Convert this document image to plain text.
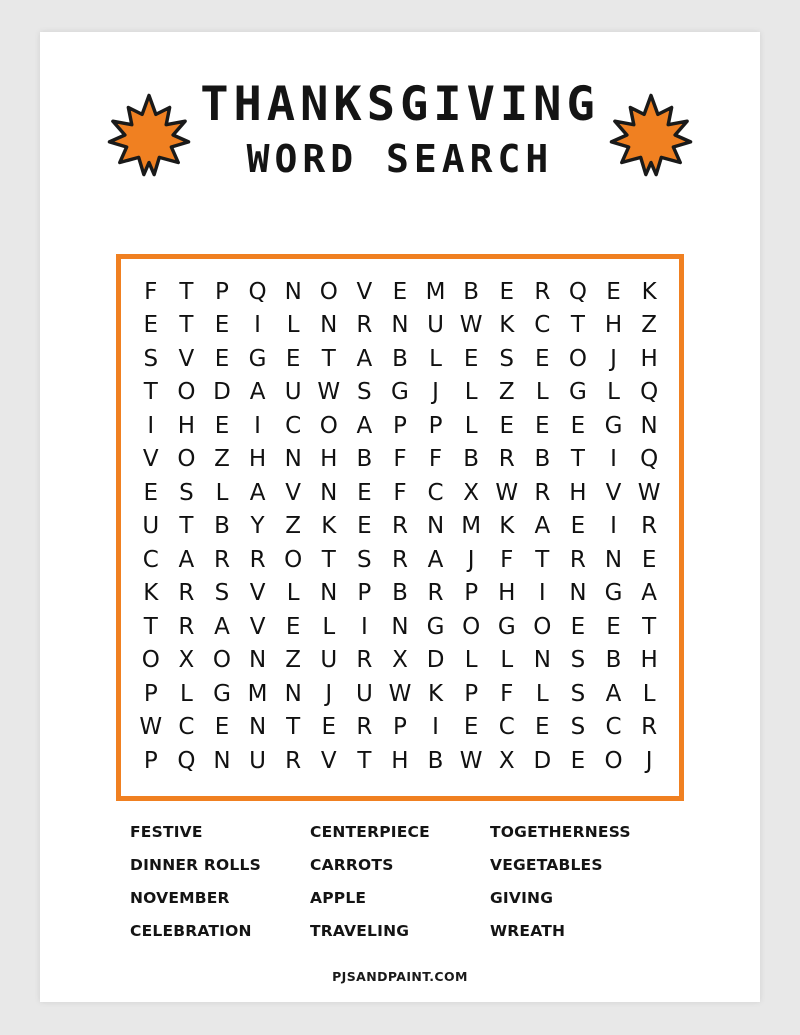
THANKSGIVING
WORD SEARCH
F	T	P	Q	N	O	V	E	M	B	E	R	Q	E	K
E	T	E	I	L	N	R	N	U	W	K	C	T	H	Z
S	V	E	G	E	T	A	B	L	E	S	E	O	J	H
T	O	D	A	U	W	S	G	J	L	Z	L	G	L	Q
I	H	E	I	C	O	A	P	P	L	E	E	E	G	N
V	O	Z	H	N	H	B	F	F	B	R	B	T	I	Q
E	S	L	A	V	N	E	F	C	X	W	R	H	V	W
U	T	B	Y	Z	K	E	R	N	M	K	A	E	I	R
C	A	R	R	O	T	S	R	A	J	F	T	R	N	E
K	R	S	V	L	N	P	B	R	P	H	I	N	G	A
T	R	A	V	E	L	I	N	G	O	G	O	E	E	T
O	X	O	N	Z	U	R	X	D	L	L	N	S	B	H
P	L	G	M	N	J	U	W	K	P	F	L	S	A	L
W	C	E	N	T	E	R	P	I	E	C	E	S	C	R
P	Q	N	U	R	V	T	H	B	W	X	D	E	O	J
FESTIVE
DINNER ROLLS
NOVEMBER
CELEBRATION
CENTERPIECE
CARROTS
APPLE
TRAVELING
TOGETHERNESS
VEGETABLES
GIVING
WREATH
PJSANDPAINT.COM
